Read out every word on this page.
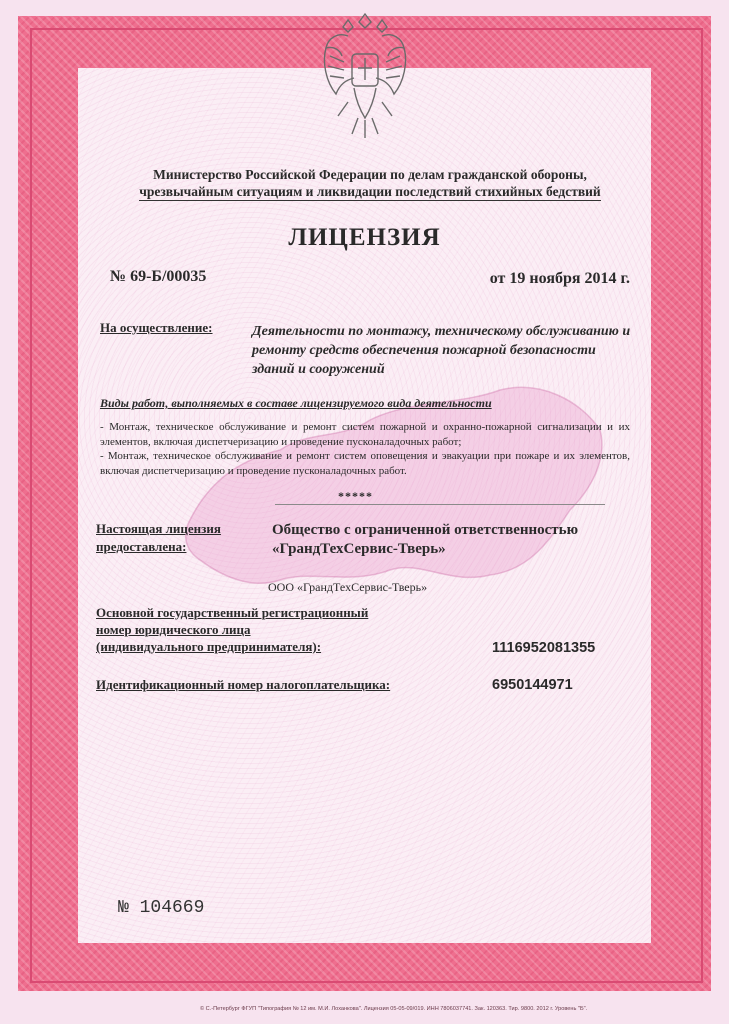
Министерство Российской Федерации по делам гражданской обороны,
чрезвычайным ситуациям и ликвидации последствий стихийных бедствий
ЛИЦЕНЗИЯ
№ 69-Б/00035	от 19 ноября 2014 г.
На осуществление:	Деятельности по монтажу, техническому обслуживанию и ремонту средств обеспечения пожарной безопасности зданий и сооружений
Виды работ, выполняемых в составе лицензируемого вида деятельности
- Монтаж, техническое обслуживание и ремонт систем пожарной и охранно-пожарной сигнализации и их элементов, включая диспетчеризацию и проведение пусконаладочных работ;
- Монтаж, техническое обслуживание и ремонт систем оповещения и эвакуации при пожаре и их элементов, включая диспетчеризацию и проведение пусконаладочных работ.
*****
Настоящая лицензия
предоставлена:
Общество с ограниченной ответственностью
«ГрандТехСервис-Тверь»
ООО «ГрандТехСервис-Тверь»
Основной государственный регистрационный
номер юридического лица
(индивидуального предпринимателя):	1116952081355
Идентификационный номер налогоплательщика:	6950144971
№ 104669
© С.-Петербург ФГУП "Типография № 12 им. М.И. Лоханкова". Лицензия 05-05-09/019. ИНН 7806037741. Зак. 120363. Тир. 9800. 2012 г. Уровень "Б".
